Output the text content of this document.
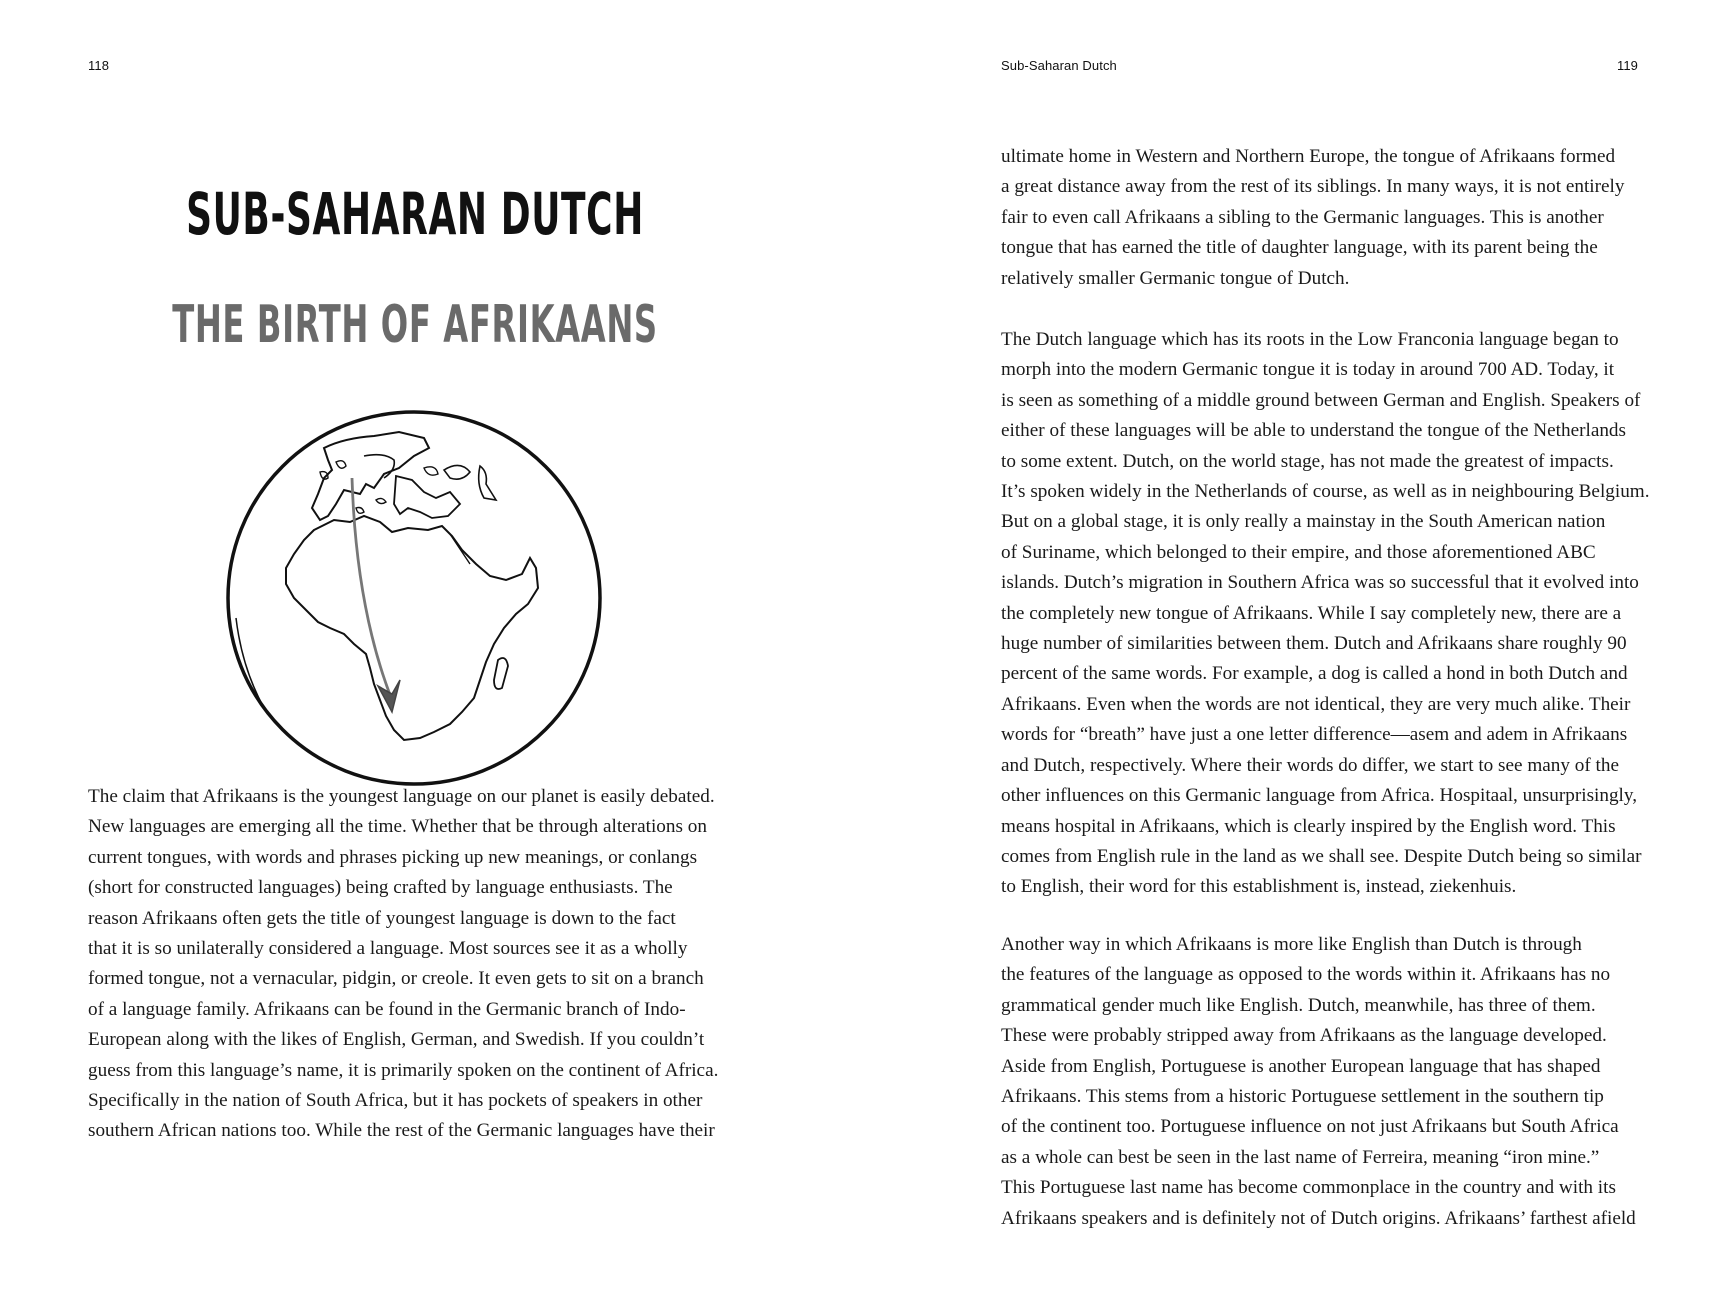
118
SUB-SAHARAN DUTCH
THE BIRTH OF AFRIKAANS
The claim that Afrikaans is the youngest language on our planet is easily debated.
New languages are emerging all the time. Whether that be through alterations on
current tongues, with words and phrases picking up new meanings, or conlangs
(short for constructed languages) being crafted by language enthusiasts. The
reason Afrikaans often gets the title of youngest language is down to the fact
that it is so unilaterally considered a language. Most sources see it as a wholly
formed tongue, not a vernacular, pidgin, or creole. It even gets to sit on a branch
of a language family. Afrikaans can be found in the Germanic branch of Indo-
European along with the likes of English, German, and Swedish. If you couldn’t
guess from this language’s name, it is primarily spoken on the continent of Africa.
Specifically in the nation of South Africa, but it has pockets of speakers in other
southern African nations too. While the rest of the Germanic languages have their
Sub-Saharan Dutch	119
ultimate home in Western and Northern Europe, the tongue of Afrikaans formed
a great distance away from the rest of its siblings. In many ways, it is not entirely
fair to even call Afrikaans a sibling to the Germanic languages. This is another
tongue that has earned the title of daughter language, with its parent being the
relatively smaller Germanic tongue of Dutch.
The Dutch language which has its roots in the Low Franconia language began to
morph into the modern Germanic tongue it is today in around 700 AD. Today, it
is seen as something of a middle ground between German and English. Speakers of
either of these languages will be able to understand the tongue of the Netherlands
to some extent. Dutch, on the world stage, has not made the greatest of impacts.
It’s spoken widely in the Netherlands of course, as well as in neighbouring Belgium.
But on a global stage, it is only really a mainstay in the South American nation
of Suriname, which belonged to their empire, and those aforementioned ABC
islands. Dutch’s migration in Southern Africa was so successful that it evolved into
the completely new tongue of Afrikaans. While I say completely new, there are a
huge number of similarities between them. Dutch and Afrikaans share roughly 90
percent of the same words. For example, a dog is called a hond in both Dutch and
Afrikaans. Even when the words are not identical, they are very much alike. Their
words for “breath” have just a one letter difference—asem and adem in Afrikaans
and Dutch, respectively. Where their words do differ, we start to see many of the
other influences on this Germanic language from Africa. Hospitaal, unsurprisingly,
means hospital in Afrikaans, which is clearly inspired by the English word. This
comes from English rule in the land as we shall see. Despite Dutch being so similar
to English, their word for this establishment is, instead, ziekenhuis.
Another way in which Afrikaans is more like English than Dutch is through
the features of the language as opposed to the words within it. Afrikaans has no
grammatical gender much like English. Dutch, meanwhile, has three of them.
These were probably stripped away from Afrikaans as the language developed.
Aside from English, Portuguese is another European language that has shaped
Afrikaans. This stems from a historic Portuguese settlement in the southern tip
of the continent too. Portuguese influence on not just Afrikaans but South Africa
as a whole can best be seen in the last name of Ferreira, meaning “iron mine.”
This Portuguese last name has become commonplace in the country and with its
Afrikaans speakers and is definitely not of Dutch origins. Afrikaans’ farthest afield
